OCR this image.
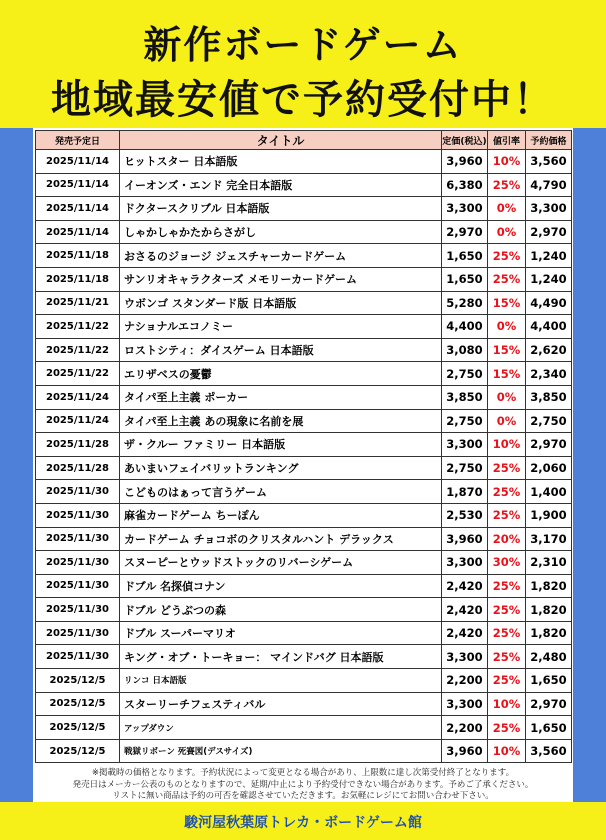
新作ボードゲーム
地域最安値で予約受付中！
発売予定日	タイトル	定価(税込)	値引率	予約価格
2025/11/14	ヒットスター 日本語版	3,960	10%	3,560
2025/11/14	イーオンズ・エンド 完全日本語版	6,380	25%	4,790
2025/11/14	ドクタースクリブル 日本語版	3,300	0%	3,300
2025/11/14	しゃかしゃかたからさがし	2,970	0%	2,970
2025/11/18	おさるのジョージ ジェスチャーカードゲーム	1,650	25%	1,240
2025/11/18	サンリオキャラクターズ メモリーカードゲーム	1,650	25%	1,240
2025/11/21	ウボンゴ スタンダード版 日本語版	5,280	15%	4,490
2025/11/22	ナショナルエコノミー	4,400	0%	4,400
2025/11/22	ロストシティ：ダイスゲーム 日本語版	3,080	15%	2,620
2025/11/22	エリザベスの憂鬱	2,750	15%	2,340
2025/11/24	タイパ至上主義 ポーカー	3,850	0%	3,850
2025/11/24	タイパ至上主義 あの現象に名前を展	2,750	0%	2,750
2025/11/28	ザ・クルー ファミリー 日本語版	3,300	10%	2,970
2025/11/28	あいまいフェイバリットランキング	2,750	25%	2,060
2025/11/30	こどものはぁって言うゲーム	1,870	25%	1,400
2025/11/30	麻雀カードゲーム ちーぽん	2,530	25%	1,900
2025/11/30	カードゲーム チョコボのクリスタルハント デラックス	3,960	20%	3,170
2025/11/30	スヌーピーとウッドストックのリバーシゲーム	3,300	30%	2,310
2025/11/30	ドブル 名探偵コナン	2,420	25%	1,820
2025/11/30	ドブル どうぶつの森	2,420	25%	1,820
2025/11/30	ドブル スーパーマリオ	2,420	25%	1,820
2025/11/30	キング・オブ・トーキョー： マインドバグ 日本語版	3,300	25%	2,480
2025/12/5	リンコ 日本語版	2,200	25%	1,650
2025/12/5	スターリーチフェスティバル	3,300	10%	2,970
2025/12/5	アップダウン	2,200	25%	1,650
2025/12/5	戦獄リボーン 死賽図(デスサイズ)	3,960	10%	3,560
※掲載時の価格となります。予約状況によって変更となる場合があり、上限数に達し次第受付終了となります。
発売日はメーカー公表のものとなりますので、延期/中止により予約受付できない場合があります。予めご了承ください。
リストに無い商品は予約の可否を確認させていただきます。お気軽にレジにてお問い合わせ下さい。
駿河屋秋葉原トレカ・ボードゲーム館
